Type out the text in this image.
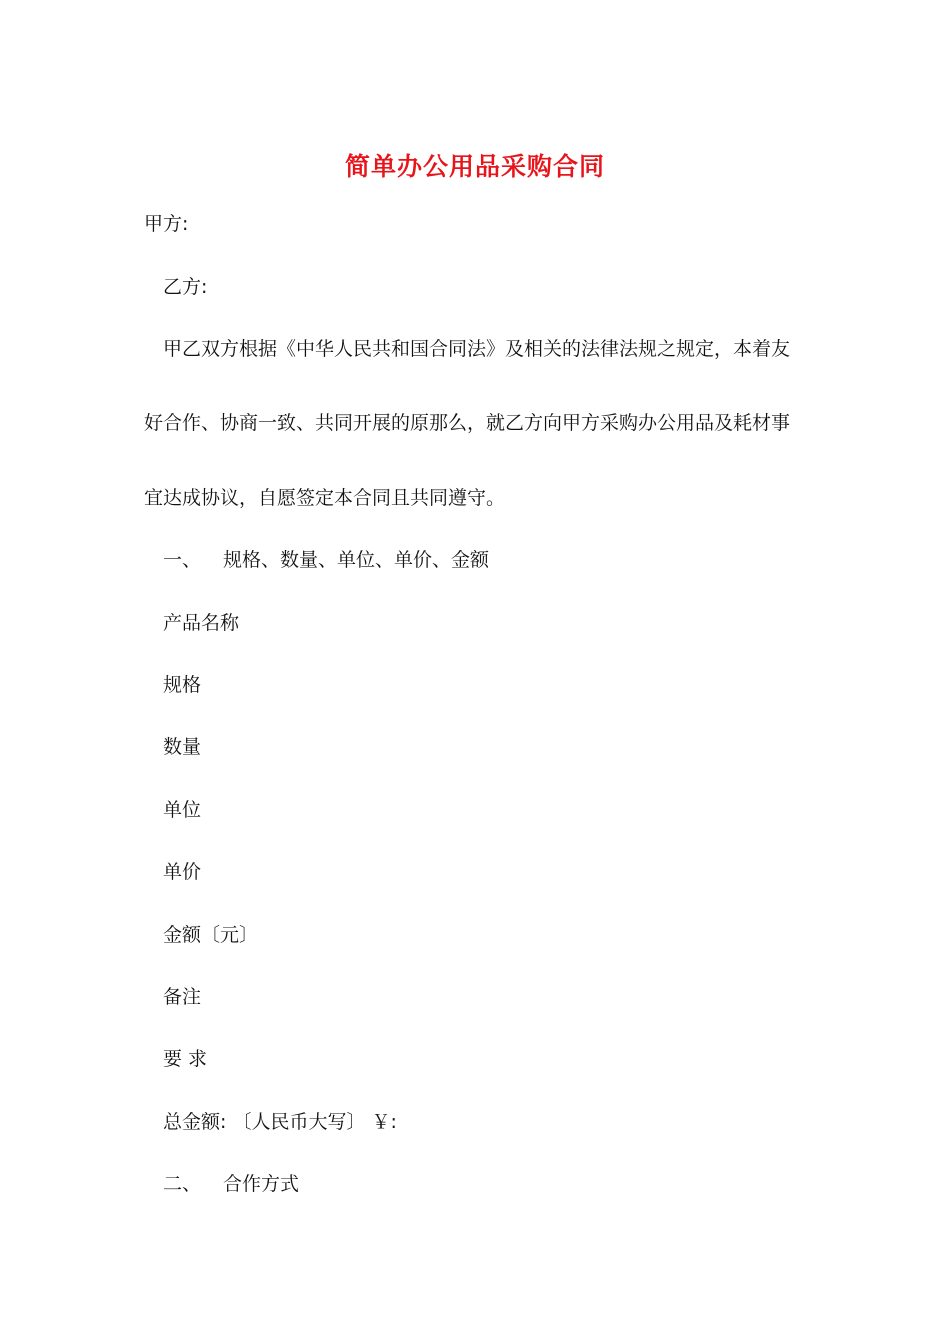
简单办公用品采购合同
甲方:
乙方:
甲乙双方根据《中华人民共和国合同法》及相关的法律法规之规定，本着友
好合作、协商一致、共同开展的原那么，就乙方向甲方采购办公用品及耗材事
宜达成协议，自愿签定本合同且共同遵守。
一、 规格、数量、单位、单价、金额
产品名称
规格
数量
单位
单价
金额〔元〕
备注
要 求
总金额: 〔人民币大写〕 ￥:
二、 合作方式
